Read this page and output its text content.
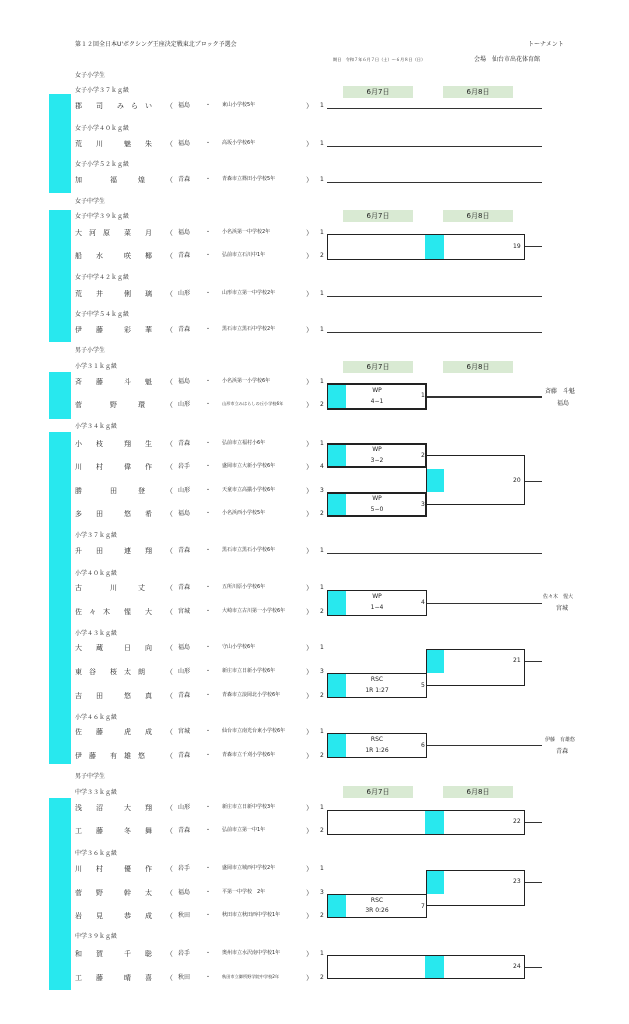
第１２回全日本U'ボクシング王座決定戦東北ブロック予選会	トーナメント
期日　令和７年６月７日（土）～６月８日（日）	会場　仙台市出花体育館
女子小学生
女子中学生
男子小学生
男子中学生
6月7日	6月8日
6月7日	6月8日
6月7日	6月8日
6月7日	6月8日
女子小学３７ｋｇ級
女子小学４０ｋｇ級
女子小学５２ｋｇ級
女子中学３９ｋｇ級
女子中学４２ｋｇ級
女子中学５４ｋｇ級
小学３１ｋｇ級
小学３４ｋｇ級
小学３７ｋｇ級
小学４０ｋｇ級
小学４３ｋｇ級
小学４６ｋｇ級
中学３３ｋｇ級
中学３６ｋｇ級
中学３９ｋｇ級
郡　　司　　み　ら　い （ 福島 ・ 東山小学校5年	） 1
荒　　川　　　魅　　朱 （ 福島 ・ 高坂小学校6年	） 1
加　　　　福　　　煌	（ 青森 ・ 青森市立篠田小学校5年	） 1
大　河　原　　菜　　月 （ 福島 ・ 小名浜第一中学校2年	） 1
船　　水　　　咲　　椰 （ 青森 ・ 弘前市立石川中1年	） 2
荒　　井　　　俐　　璃 （ 山形 ・ 山形市立第一中学校2年	） 1
伊　　藤　　　彩　　華 （ 青森 ・ 黒石市立黒石中学校2年	） 1
斉　　藤　　　斗　　魁 （ 福島 ・ 小名浜第一小学校6年	） 1
菅　　　　野　　　環	（ 山形 ・	山形市立みはらしの丘小学校6年	） 2
小　　枝　　　翔　　生 （ 青森 ・ 弘前市立福村小6年	） 1
川　　村　　　偉　　作 （ 岩手 ・ 盛岡市立大新小学校6年	） 4
勝　　　　田　　　登	（ 山形 ・ 天童市立高擶小学校6年	） 3
多　　田　　　悠　　希 （ 福島 ・ 小名浜西小学校5年	） 2
升　　田　　　連　　翔 （ 青森 ・ 黒石市立黒石小学校6年	） 1
古　　　　川　　　丈	（ 青森 ・ 五所川原小学校6年	） 1
佐　々　木　　惺　　大 （ 宮城 ・ 大崎市立古川第一小学校6年	） 2
大　　蔵　　　日　　向 （ 福島 ・ 守山小学校6年	） 1
東　谷　　桜　太　朗	（ 山形 ・ 新庄市立日新小学校6年	） 3
吉　　田　　　悠　　真 （ 青森 ・ 青森市立浪岡北小学校6年	） 2
佐　　藤　　　虎　　成 （ 宮城 ・ 仙台市立南光台東小学校6年	） 1
伊　藤　　有　雄　悠	（ 青森 ・ 青森市立千刈小学校6年	） 2
浅　　沼　　　大　　翔 （ 山形 ・ 新庄市立日新中学校3年	） 1
工　　藤　　　冬　　舞 （ 青森 ・ 弘前市立第一中1年	） 2
川　　村　　　優　　作 （ 岩手 ・ 盛岡市立城西中学校2年	） 1
菅　　野　　　幹　　太 （ 福島 ・ 平第一中学校　2年	） 3
岩　　見　　　恭　　成 （ 秋田 ・ 秋田市立秋田西中学校1年	） 2
和　　賀　　　千　　聡 （ 岩手 ・ 奥州市立水沢南中学校1年	） 1
工　　藤　　　晴　　喜 （ 秋田 ・	秋田市立御所野学院中学校2年	） 2
19
WP
4−1
1
斉藤　斗魁
福島
WP
3−2
2
WP
5−0
3
20
WP
1−4
4
佐々木　惺大
宮城
21
RSC
1R 1:27
5
RSC
1R 1:26
6
伊藤　有雄悠
青森
22
23
RSC
3R 0:26
7
24
